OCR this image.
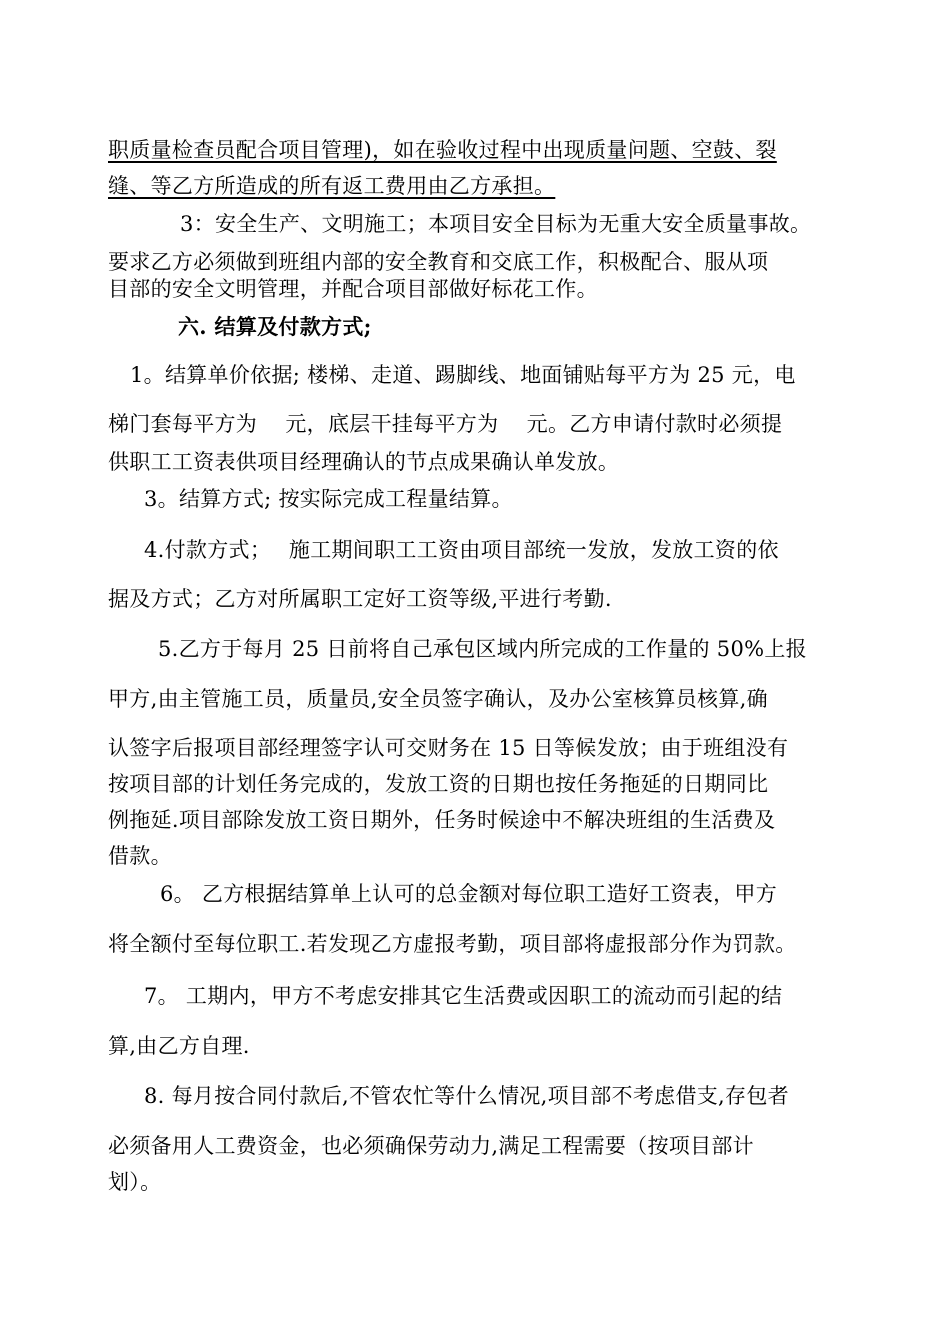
职质量检查员配合项目管理)，如在验收过程中出现质量问题、空鼓、裂
缝、等乙方所造成的所有返工费用由乙方承担。
3：安全生产、文明施工；本项目安全目标为无重大安全质量事故。
要求乙方必须做到班组内部的安全教育和交底工作，积极配合、服从项
目部的安全文明管理，并配合项目部做好标花工作。
六. 结算及付款方式;
1。结算单价依据; 楼梯、走道、踢脚线、地面铺贴每平方为 25 元，电
梯门套每平方为　 元，底层干挂每平方为　 元。乙方申请付款时必须提
供职工工资表供项目经理确认的节点成果确认单发放。
3。结算方式; 按实际完成工程量结算。
4.付款方式；　 施工期间职工工资由项目部统一发放，发放工资的依
据及方式；乙方对所属职工定好工资等级,平进行考勤.
5.乙方于每月 25 日前将自己承包区域内所完成的工作量的 50%上报
甲方,由主管施工员，质量员,安全员签字确认，及办公室核算员核算,确
认签字后报项目部经理签字认可交财务在 15 日等候发放；由于班组没有
按项目部的计划任务完成的，发放工资的日期也按任务拖延的日期同比
例拖延.项目部除发放工资日期外，任务时候途中不解决班组的生活费及
借款。
6。 乙方根据结算单上认可的总金额对每位职工造好工资表，甲方
将全额付至每位职工.若发现乙方虚报考勤，项目部将虚报部分作为罚款。
7。 工期内，甲方不考虑安排其它生活费或因职工的流动而引起的结
算,由乙方自理.
8. 每月按合同付款后,不管农忙等什么情况,项目部不考虑借支,存包者
必须备用人工费资金，也必须确保劳动力,满足工程需要（按项目部计
划）。
